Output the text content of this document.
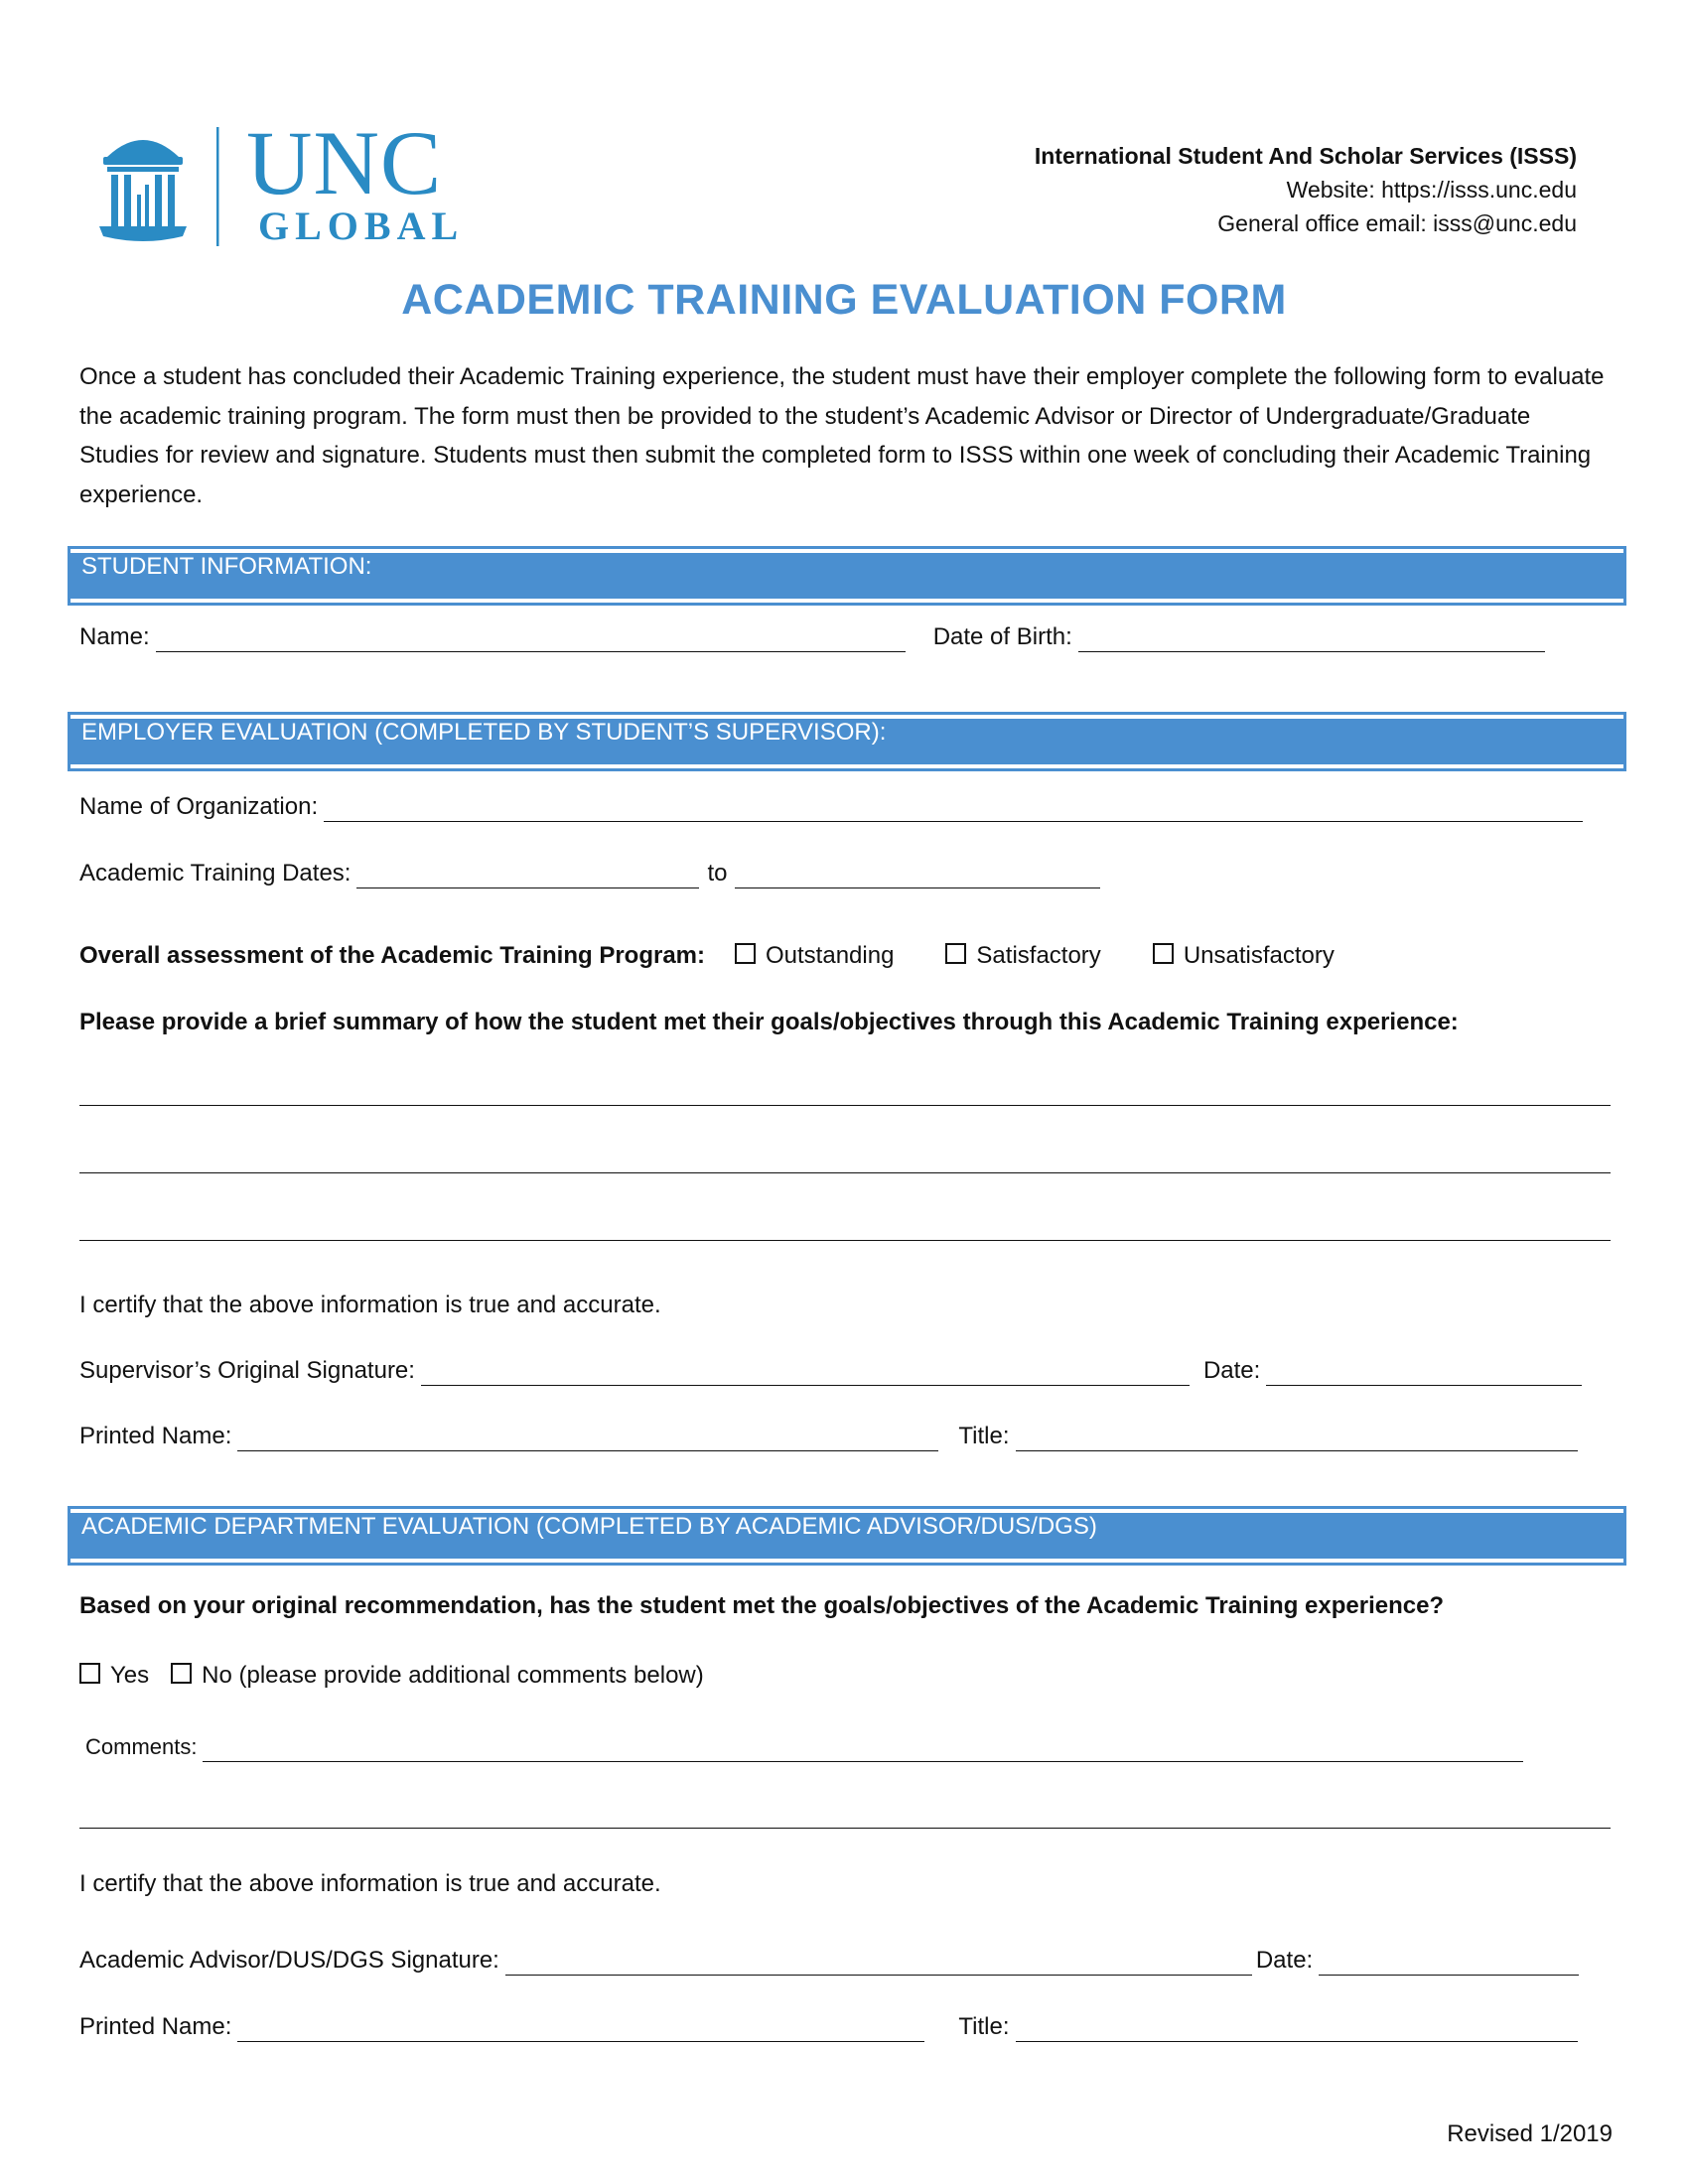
UNC
GLOBAL
International Student And Scholar Services (ISSS)
Website: https://isss.unc.edu
General office email: isss@unc.edu
ACADEMIC TRAINING EVALUATION FORM
Once a student has concluded their Academic Training experience, the student must have their employer complete the following form to evaluate the academic training program. The form must then be provided to the student’s Academic Advisor or Director of Undergraduate/Graduate Studies for review and signature. Students must then submit the completed form to ISSS within one week of concluding their Academic Training experience.
STUDENT INFORMATION:
Name:	Date of Birth:
EMPLOYER EVALUATION (COMPLETED BY STUDENT’S SUPERVISOR):
Name of Organization:
Academic Training Dates:	to
Overall assessment of the Academic Training Program:	Outstanding	Satisfactory	Unsatisfactory
Please provide a brief summary of how the student met their goals/objectives through this Academic Training experience:
I certify that the above information is true and accurate.
Supervisor’s Original Signature:	Date:
Printed Name:	Title:
ACADEMIC DEPARTMENT EVALUATION (COMPLETED BY ACADEMIC ADVISOR/DUS/DGS)
Based on your original recommendation, has the student met the goals/objectives of the Academic Training experience?
Yes No (please provide additional comments below)
Comments:
I certify that the above information is true and accurate.
Academic Advisor/DUS/DGS Signature:	Date:
Printed Name:	Title:
Revised 1/2019
